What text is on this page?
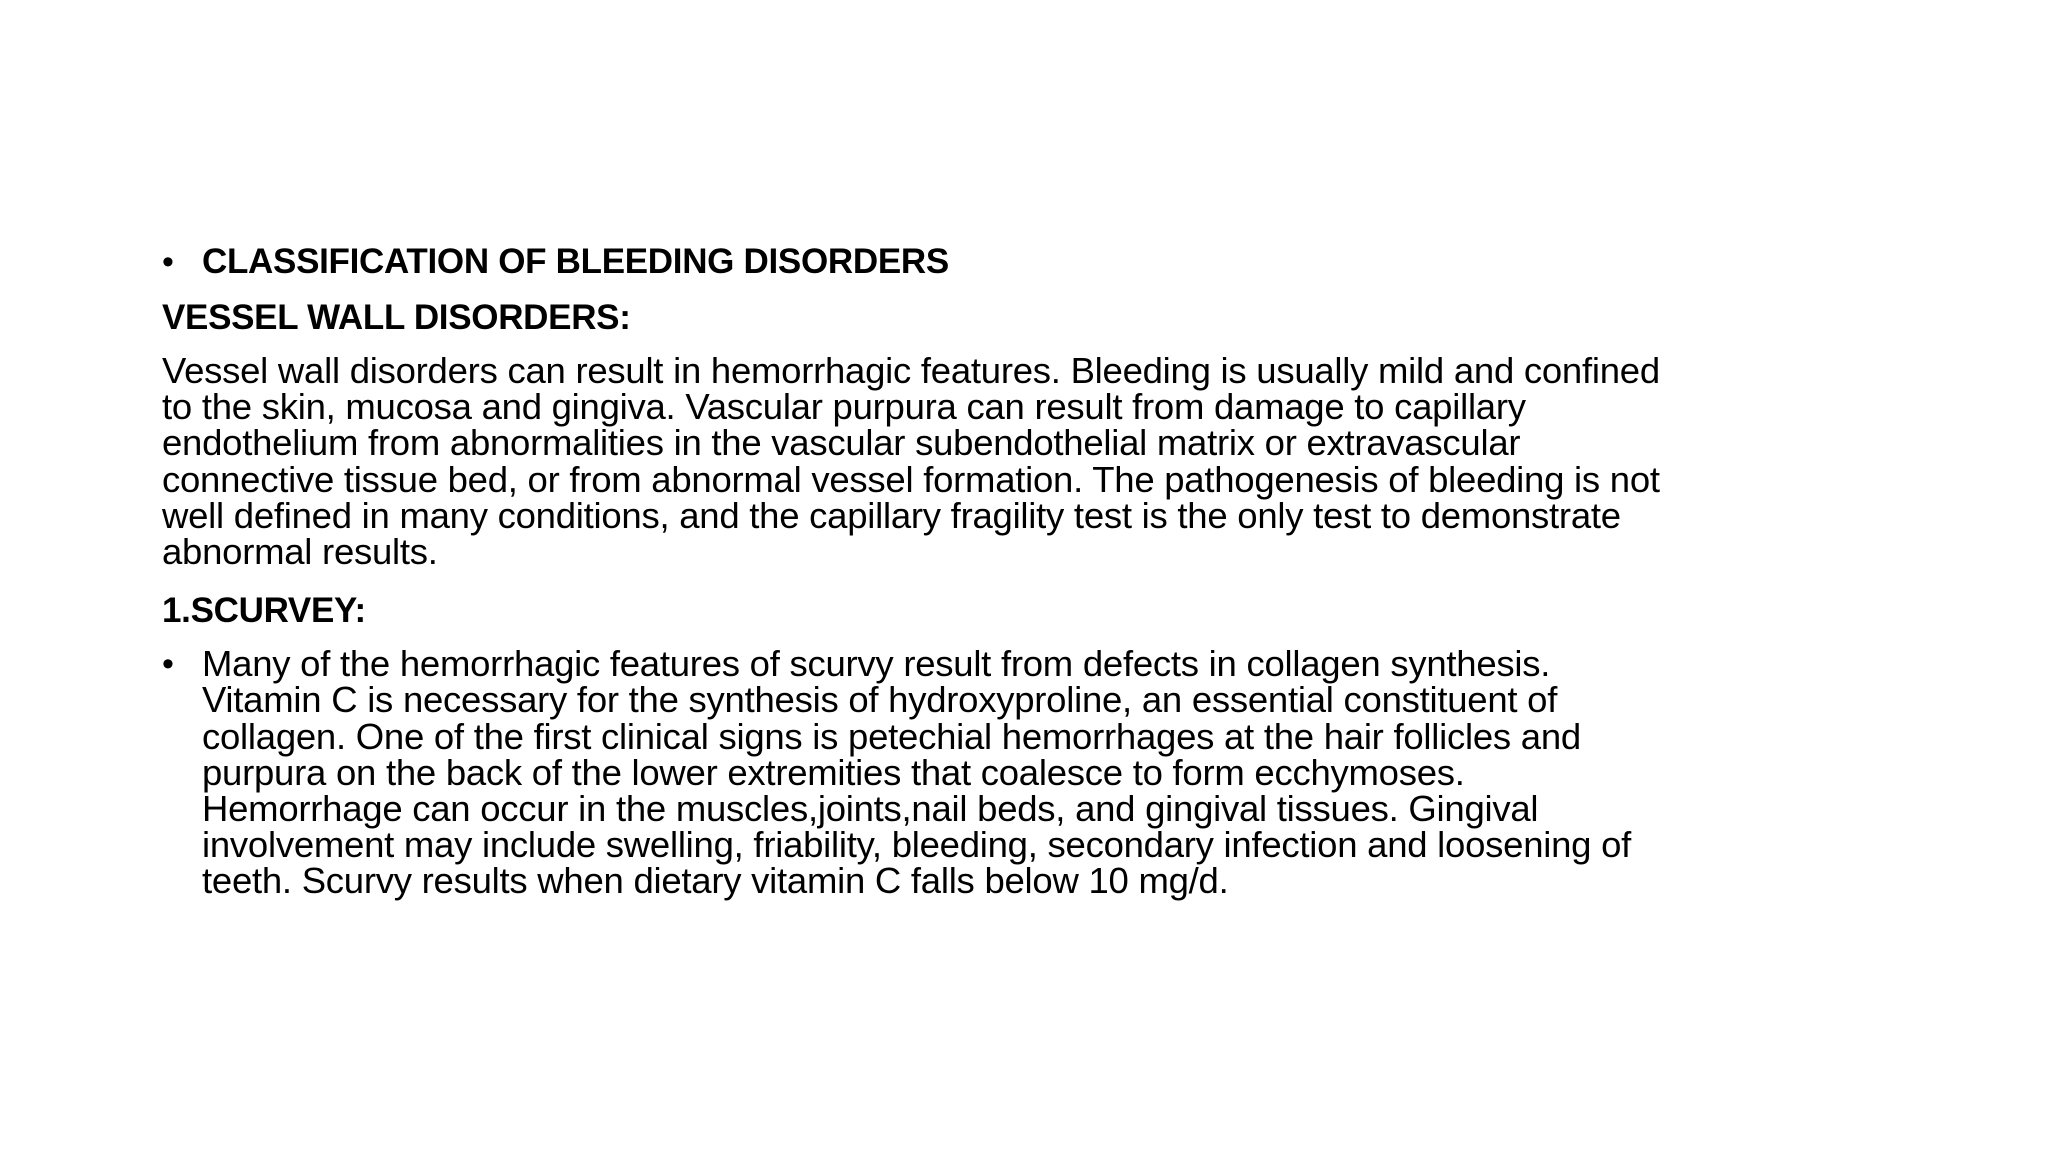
• CLASSIFICATION OF BLEEDING DISORDERS
VESSEL WALL DISORDERS:
Vessel wall disorders can result in hemorrhagic features. Bleeding is usually mild and confined
to the skin, mucosa and gingiva. Vascular purpura can result from damage to capillary
endothelium from abnormalities in the vascular subendothelial matrix or extravascular
connective tissue bed, or from abnormal vessel formation. The pathogenesis of bleeding is not
well defined in many conditions, and the capillary fragility test is the only test to demonstrate
abnormal results.
1.SCURVEY:
• Many of the hemorrhagic features of scurvy result from defects in collagen synthesis.
Vitamin C is necessary for the synthesis of hydroxyproline, an essential constituent of
collagen. One of the first clinical signs is petechial hemorrhages at the hair follicles and
purpura on the back of the lower extremities that coalesce to form ecchymoses.
Hemorrhage can occur in the muscles,joints,nail beds, and gingival tissues. Gingival
involvement may include swelling, friability, bleeding, secondary infection and loosening of
teeth. Scurvy results when dietary vitamin C falls below 10 mg/d.
